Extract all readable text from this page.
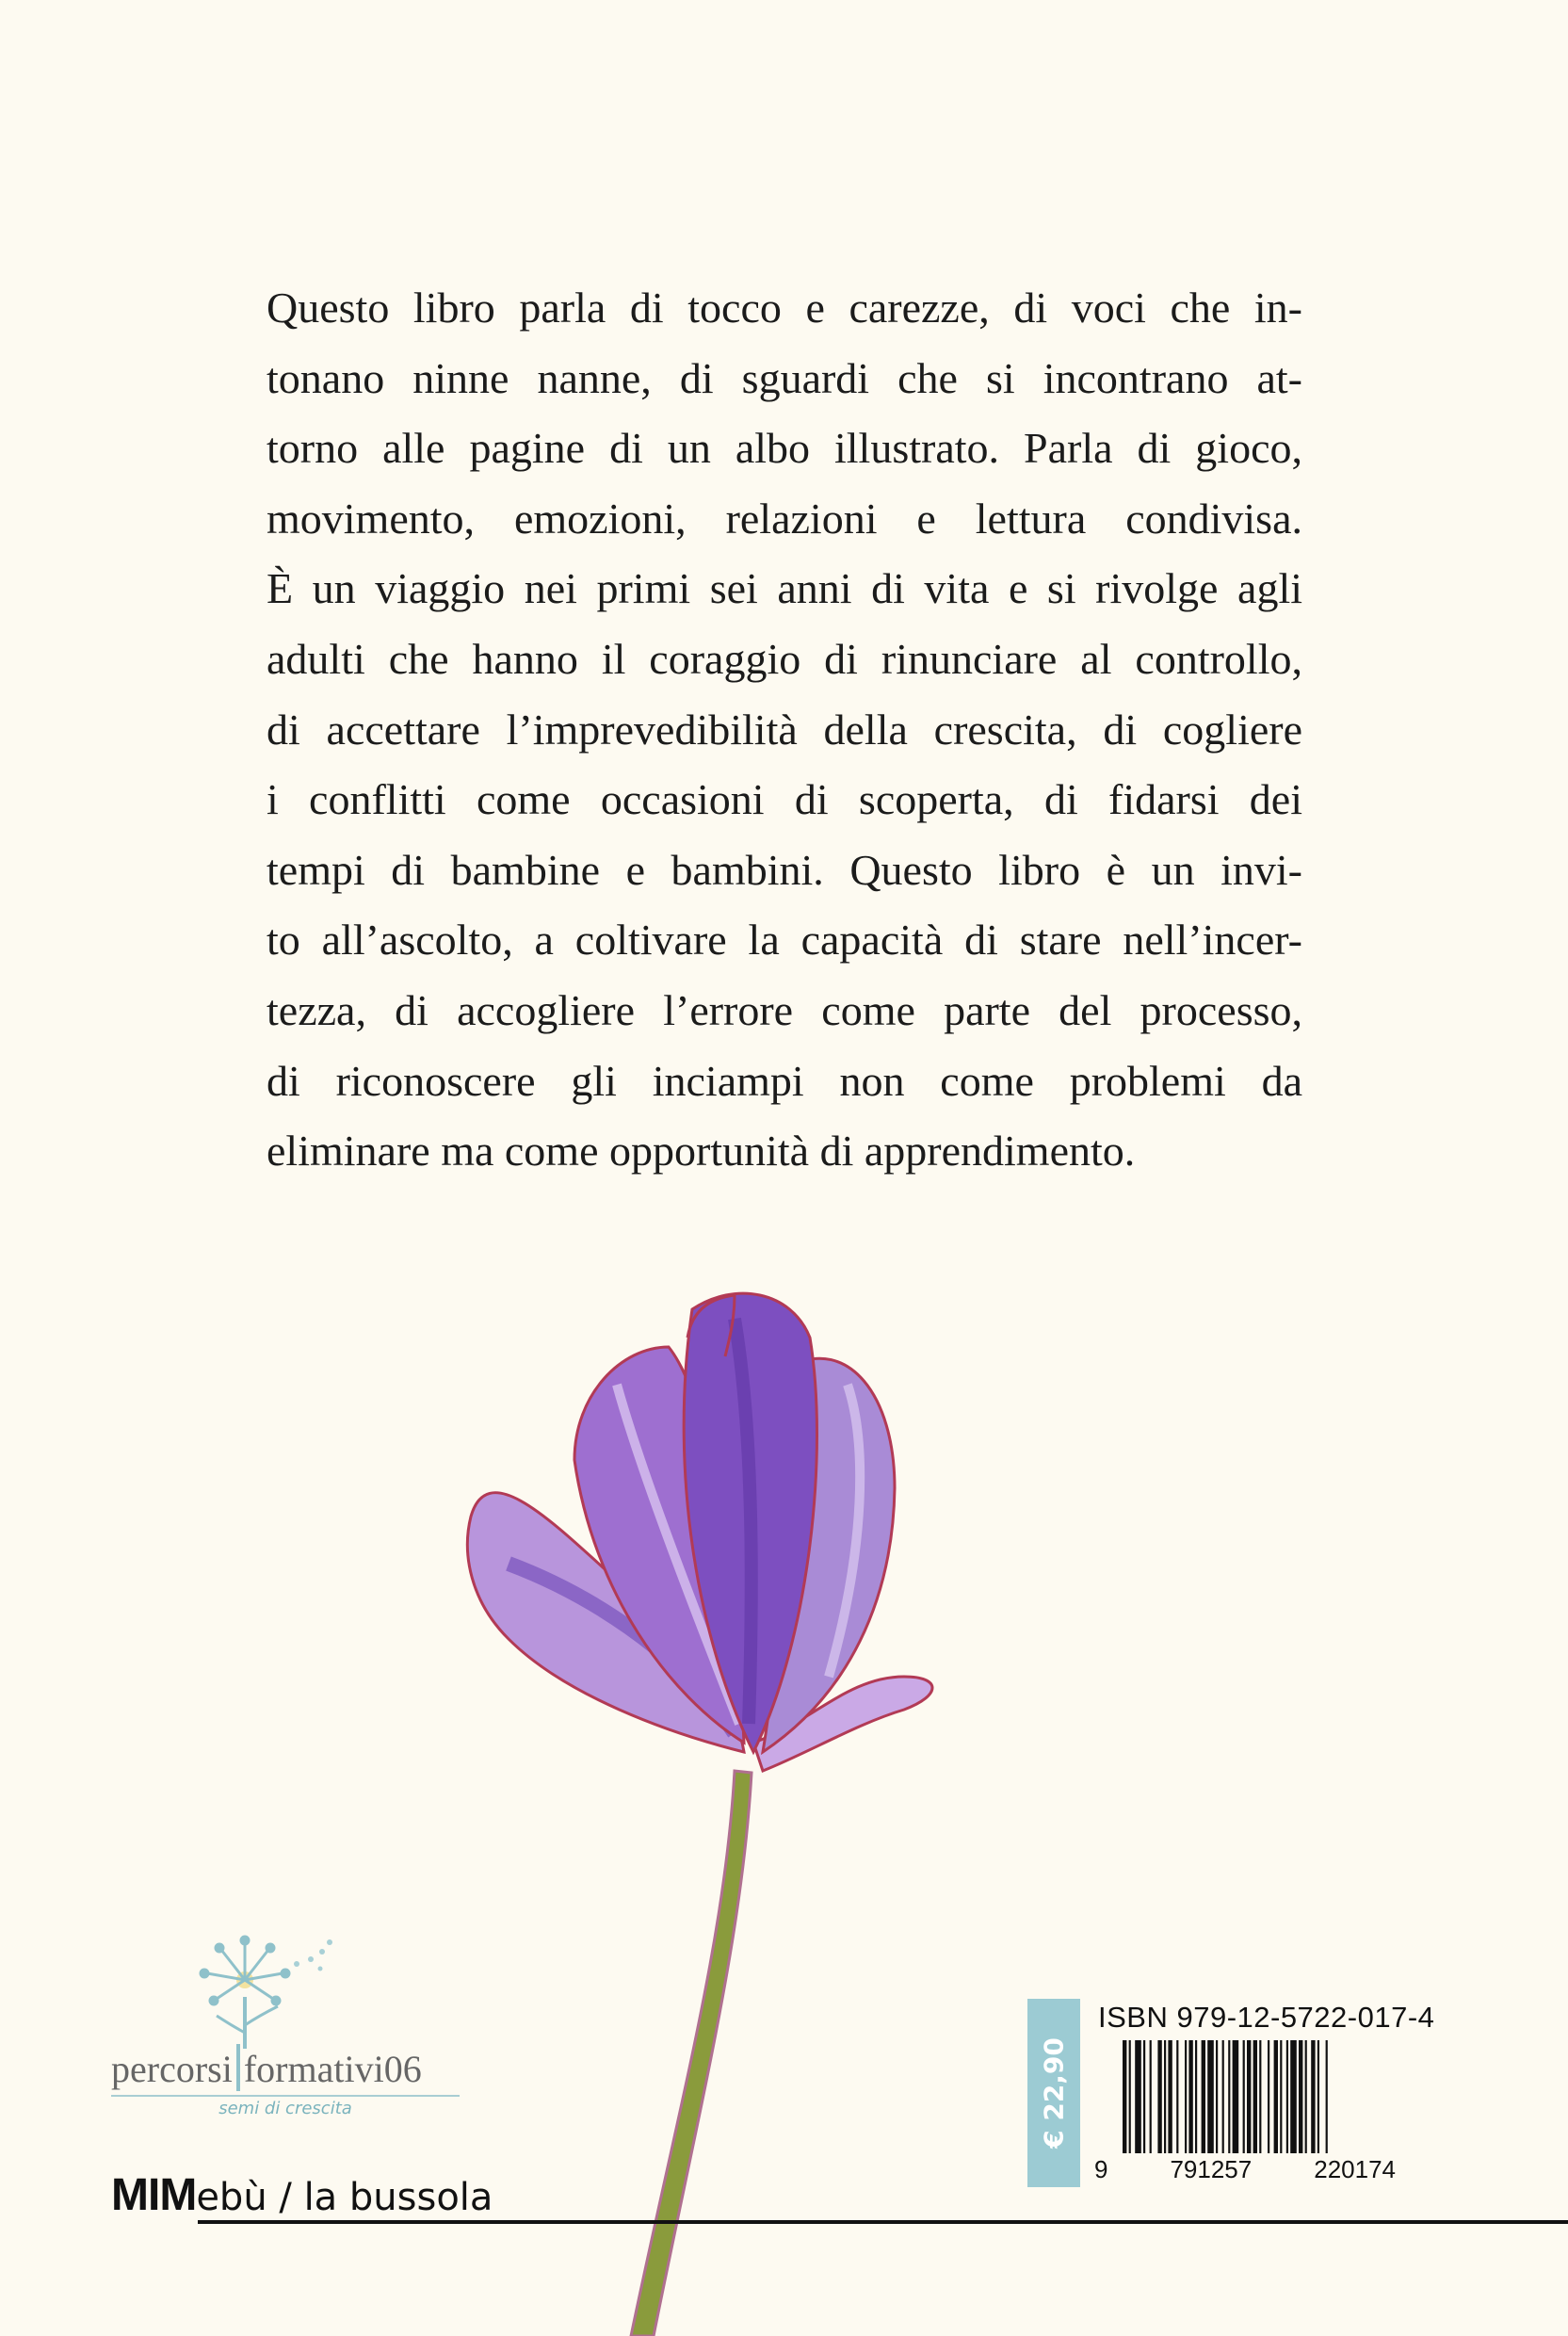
Questo libro parla di tocco e carezze, di voci che in-
tonano ninne nanne, di sguardi che si incontrano at-
torno alle pagine di un albo illustrato. Parla di gioco,
movimento, emozioni, relazioni e lettura condivisa.
È un viaggio nei primi sei anni di vita e si rivolge agli
adulti che hanno il coraggio di rinunciare al controllo,
di accettare l’imprevedibilità della crescita, di cogliere
i conflitti come occasioni di scoperta, di fidarsi dei
tempi di bambine e bambini. Questo libro è un invi-
to all’ascolto, a coltivare la capacità di stare nell’incer-
tezza, di accogliere l’errore come parte del processo,
di riconoscere gli inciampi non come problemi da
eliminare ma come opportunità di apprendimento.
percorsi formativi06
semi di crescita	€ 22,90
ISBN 979-12-5722-017-4
9	791257	220174
MIMebù / la bussola
